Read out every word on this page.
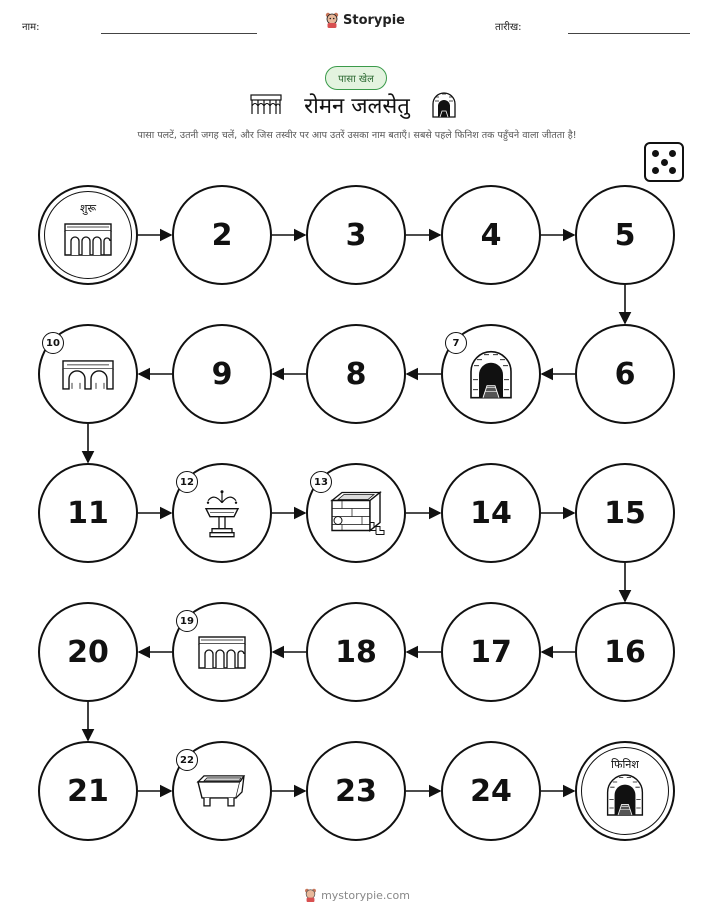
नाम:	Storypie	तारीख:
पासा खेल
रोमन जलसेतु
पासा पलटें, उतनी जगह चलें, और जिस तस्वीर पर आप उतरें उसका नाम बताएँ। सबसे पहले फिनिश तक पहुँचने वाला जीतता है!
शुरू
2	3	4	5
6
7
8
9
10
11
12	13
14	15
16
17
18
19
20
21
22
23	24
फिनिश
mystorypie.com
